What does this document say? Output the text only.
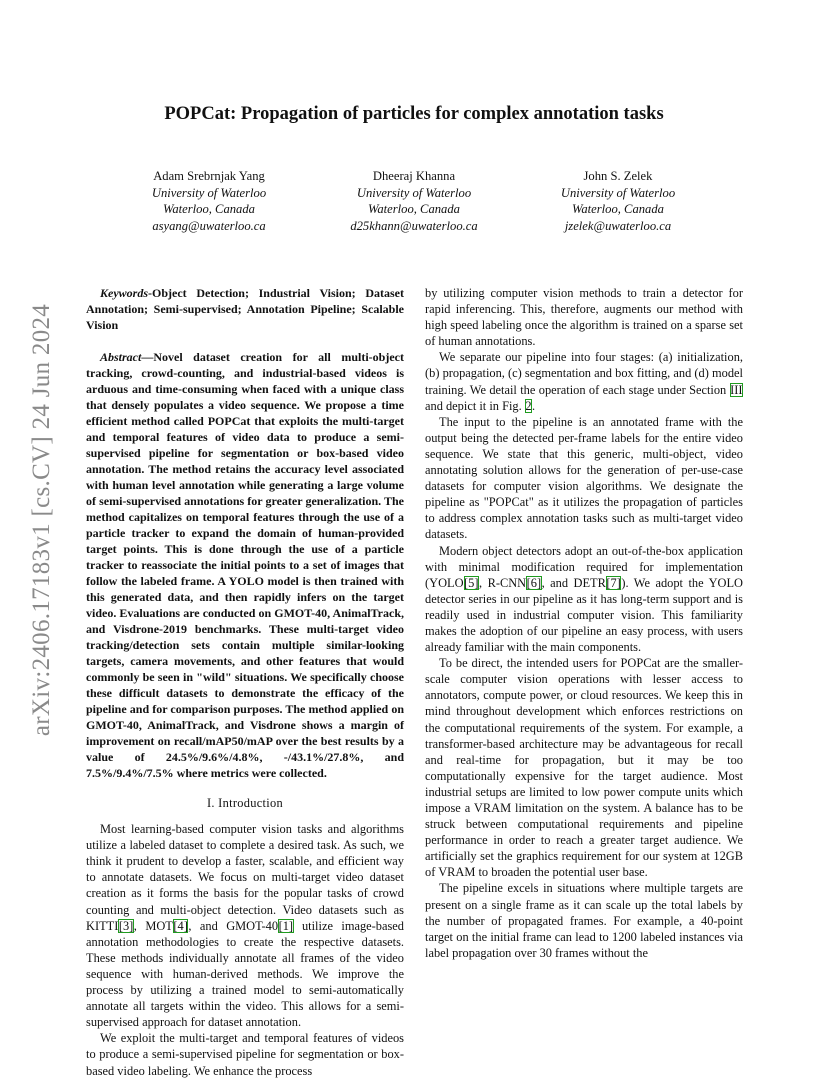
arXiv:2406.17183v1 [cs.CV] 24 Jun 2024
POPCat: Propagation of particles for complex annotation tasks
Adam Srebrnjak Yang
University of Waterloo
Waterloo, Canada
asyang@uwaterloo.ca
Dheeraj Khanna
University of Waterloo
Waterloo, Canada
d25khann@uwaterloo.ca
John S. Zelek
University of Waterloo
Waterloo, Canada
jzelek@uwaterloo.ca

Keywords-Object Detection; Industrial Vision; Dataset Annotation; Semi-supervised; Annotation Pipeline; Scalable Vision

Abstract—Novel dataset creation for all multi-object tracking, crowd-counting, and industrial-based videos is arduous and time-consuming when faced with a unique class that densely populates a video sequence. We propose a time efficient method called POPCat that exploits the multi-target and temporal features of video data to produce a semi-supervised pipeline for segmentation or box-based video annotation. The method retains the accuracy level associated with human level annotation while generating a large volume of semi-supervised annotations for greater generalization. The method capitalizes on temporal features through the use of a particle tracker to expand the domain of human-provided target points. This is done through the use of a particle tracker to reassociate the initial points to a set of images that follow the labeled frame. A YOLO model is then trained with this generated data, and then rapidly infers on the target video. Evaluations are conducted on GMOT-40, AnimalTrack, and Visdrone-2019 benchmarks. These multi-target video tracking/detection sets contain multiple similar-looking targets, camera movements, and other features that would commonly be seen in "wild" situations. We specifically choose these difficult datasets to demonstrate the efficacy of the pipeline and for comparison purposes. The method applied on GMOT-40, AnimalTrack, and Visdrone shows a margin of improvement on recall/mAP50/mAP over the best results by a value of 24.5%/9.6%/4.8%, -/43.1%/27.8%, and 7.5%/9.4%/7.5% where metrics were collected.

I. Introduction

Most learning-based computer vision tasks and algorithms utilize a labeled dataset to complete a desired task. As such, we think it prudent to develop a faster, scalable, and efficient way to annotate datasets. We focus on multi-target video dataset creation as it forms the basis for the popular tasks of crowd counting and multi-object detection. Video datasets such as KITTI[3], MOT[4], and GMOT-40[1] utilize image-based annotation methodologies to create the respective datasets. These methods individually annotate all frames of the video sequence with human-derived methods. We improve the process by utilizing a trained model to semi-automatically annotate all targets within the video. This allows for a semi-supervised approach for dataset annotation.

We exploit the multi-target and temporal features of videos to produce a semi-supervised pipeline for segmentation or box-based video labeling. We enhance the process

by utilizing computer vision methods to train a detector for rapid inferencing. This, therefore, augments our method with high speed labeling once the algorithm is trained on a sparse set of human annotations.

We separate our pipeline into four stages: (a) initialization, (b) propagation, (c) segmentation and box fitting, and (d) model training. We detail the operation of each stage under Section III and depict it in Fig. 2.

The input to the pipeline is an annotated frame with the output being the detected per-frame labels for the entire video sequence. We state that this generic, multi-object, video annotating solution allows for the generation of per-use-case datasets for computer vision algorithms. We designate the pipeline as "POPCat" as it utilizes the propagation of particles to address complex annotation tasks such as multi-target video datasets.

Modern object detectors adopt an out-of-the-box application with minimal modification required for implementation (YOLO[5], R-CNN[6], and DETR[7]). We adopt the YOLO detector series in our pipeline as it has long-term support and is readily used in industrial computer vision. This familiarity makes the adoption of our pipeline an easy process, with users already familiar with the main components.

To be direct, the intended users for POPCat are the smaller-scale computer vision operations with lesser access to annotators, compute power, or cloud resources. We keep this in mind throughout development which enforces restrictions on the computational requirements of the system. For example, a transformer-based architecture may be advantageous for recall and real-time for propagation, but it may be too computationally expensive for the target audience. Most industrial setups are limited to low power compute units which impose a VRAM limitation on the system. A balance has to be struck between computational requirements and pipeline performance in order to reach a greater target audience. We artificially set the graphics requirement for our system at 12GB of VRAM to broaden the potential user base.

The pipeline excels in situations where multiple targets are present on a single frame as it can scale up the total labels by the number of propagated frames. For example, a 40-point target on the initial frame can lead to 1200 labeled instances via label propagation over 30 frames without the
